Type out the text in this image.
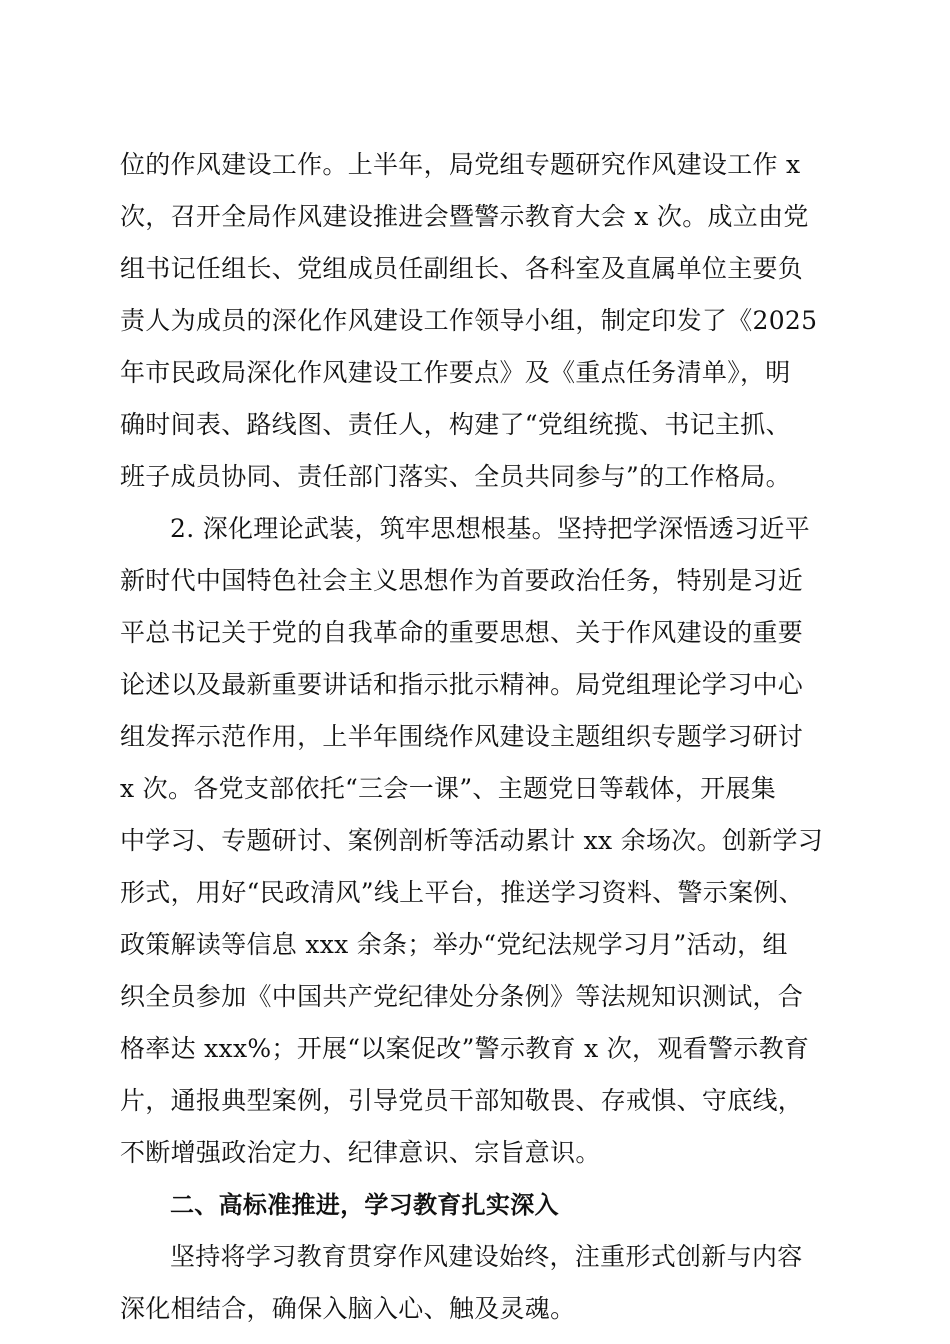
位的作风建设工作。上半年，局党组专题研究作风建设工作 x
次，召开全局作风建设推进会暨警示教育大会 x 次。成立由党
组书记任组长、党组成员任副组长、各科室及直属单位主要负
责人为成员的深化作风建设工作领导小组，制定印发了《2025
年市民政局深化作风建设工作要点》及《重点任务清单》，明
确时间表、路线图、责任人，构建了“党组统揽、书记主抓、
班子成员协同、责任部门落实、全员共同参与”的工作格局。
2. 深化理论武装，筑牢思想根基。坚持把学深悟透习近平
新时代中国特色社会主义思想作为首要政治任务，特别是习近
平总书记关于党的自我革命的重要思想、关于作风建设的重要
论述以及最新重要讲话和指示批示精神。局党组理论学习中心
组发挥示范作用，上半年围绕作风建设主题组织专题学习研讨
x 次。各党支部依托“三会一课”、主题党日等载体，开展集
中学习、专题研讨、案例剖析等活动累计 xx 余场次。创新学习
形式，用好“民政清风”线上平台，推送学习资料、警示案例、
政策解读等信息 xxx 余条；举办“党纪法规学习月”活动，组
织全员参加《中国共产党纪律处分条例》等法规知识测试，合
格率达 xxx%；开展“以案促改”警示教育 x 次，观看警示教育
片，通报典型案例，引导党员干部知敬畏、存戒惧、守底线，
不断增强政治定力、纪律意识、宗旨意识。
二、高标准推进，学习教育扎实深入
坚持将学习教育贯穿作风建设始终，注重形式创新与内容
深化相结合，确保入脑入心、触及灵魂。
